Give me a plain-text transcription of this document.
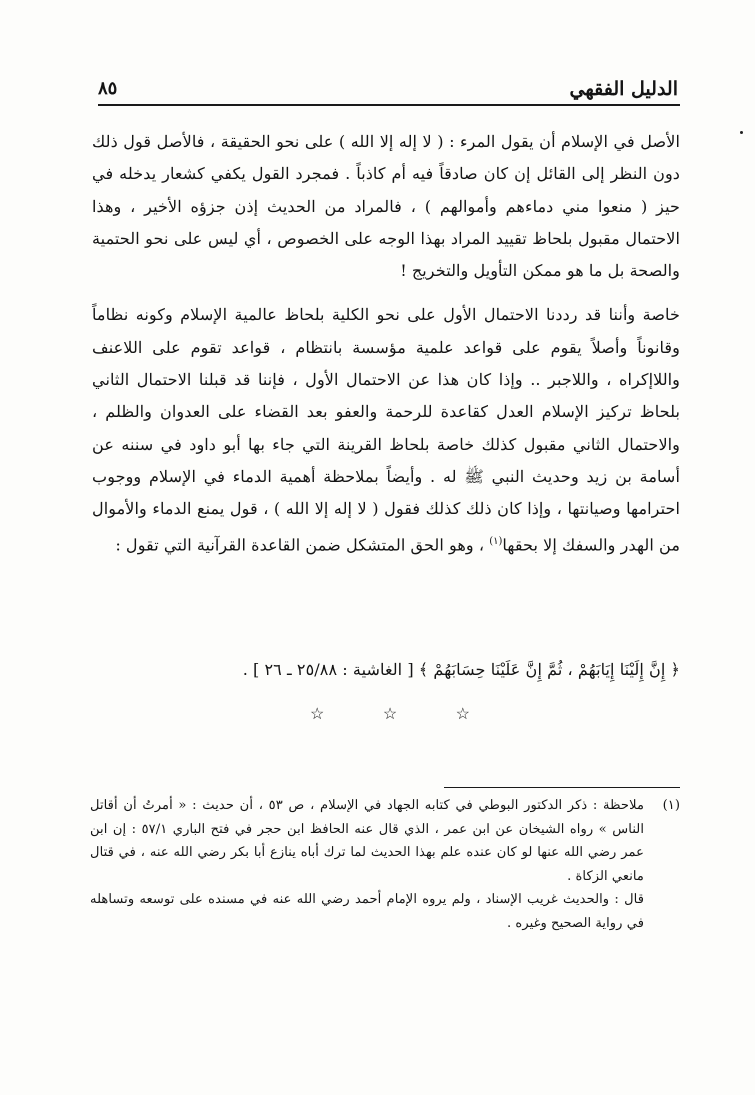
الدليل الفقهي
٨٥

الأصل في الإسلام أن يقول المرء : ( لا إله إلا الله ) على نحو الحقيقة ، فالأصل قول ذلك دون النظر إلى القائل إن كان صادقاً فيه أم كاذباً . فمجرد القول يكفي كشعار يدخله في حيز ( منعوا مني دماءهم وأموالهم ) ، فالمراد من الحديث إذن جزؤه الأخير ، وهذا الاحتمال مقبول بلحاظ تقييد المراد بهذا الوجه على الخصوص ، أي ليس على نحو الحتمية والصحة بل ما هو ممكن التأويل والتخريج !

خاصة وأننا قد رددنا الاحتمال الأول على نحو الكلية بلحاظ عالمية الإسلام وكونه نظاماً وقانوناً وأصلاً يقوم على قواعد علمية مؤسسة بانتظام ، قواعد تقوم على اللاعنف واللاإكراه ، واللاجبر .. وإذا كان هذا عن الاحتمال الأول ، فإننا قد قبلنا الاحتمال الثاني بلحاظ تركيز الإسلام العدل كقاعدة للرحمة والعفو بعد القضاء على العدوان والظلم ، والاحتمال الثاني مقبول كذلك خاصة بلحاظ القرينة التي جاء بها أبو داود في سننه عن أسامة بن زيد وحديث النبي ﷺ له . وأيضاً بملاحظة أهمية الدماء في الإسلام ووجوب احترامها وصيانتها ، وإذا كان ذلك كذلك فقول ( لا إله إلا الله ) ، قول يمنع الدماء والأموال من الهدر والسفك إلا بحقها$^{(١)}$ ، وهو الحق المتشكل ضمن القاعدة القرآنية التي تقول :

﴿ إِنَّ إِلَيْنَا إِيَابَهُمْ ، ثُمَّ إِنَّ عَلَيْنَا حِسَابَهُمْ ﴾ [ الغاشية : ٢٥/٨٨ ـ ٢٦ ] .
☆	☆	☆

(١)
ملاحظة : ذكر الدكتور البوطي في كتابه الجهاد في الإسلام ، ص ٥٣ ، أن حديث : « أمرتُ أن أقاتل الناس » رواه الشيخان عن ابن عمر ، الذي قال عنه الحافظ ابن حجر في فتح الباري ٥٧/١ : إن ابن عمر رضي الله عنها لو كان عنده علم بهذا الحديث لما ترك أباه ينازع أبا بكر رضي الله عنه ، في قتال مانعي الزكاة .

قال : والحديث غريب الإسناد ، ولم يروه الإمام أحمد رضي الله عنه في مسنده على توسعه وتساهله في رواية الصحيح وغيره .
